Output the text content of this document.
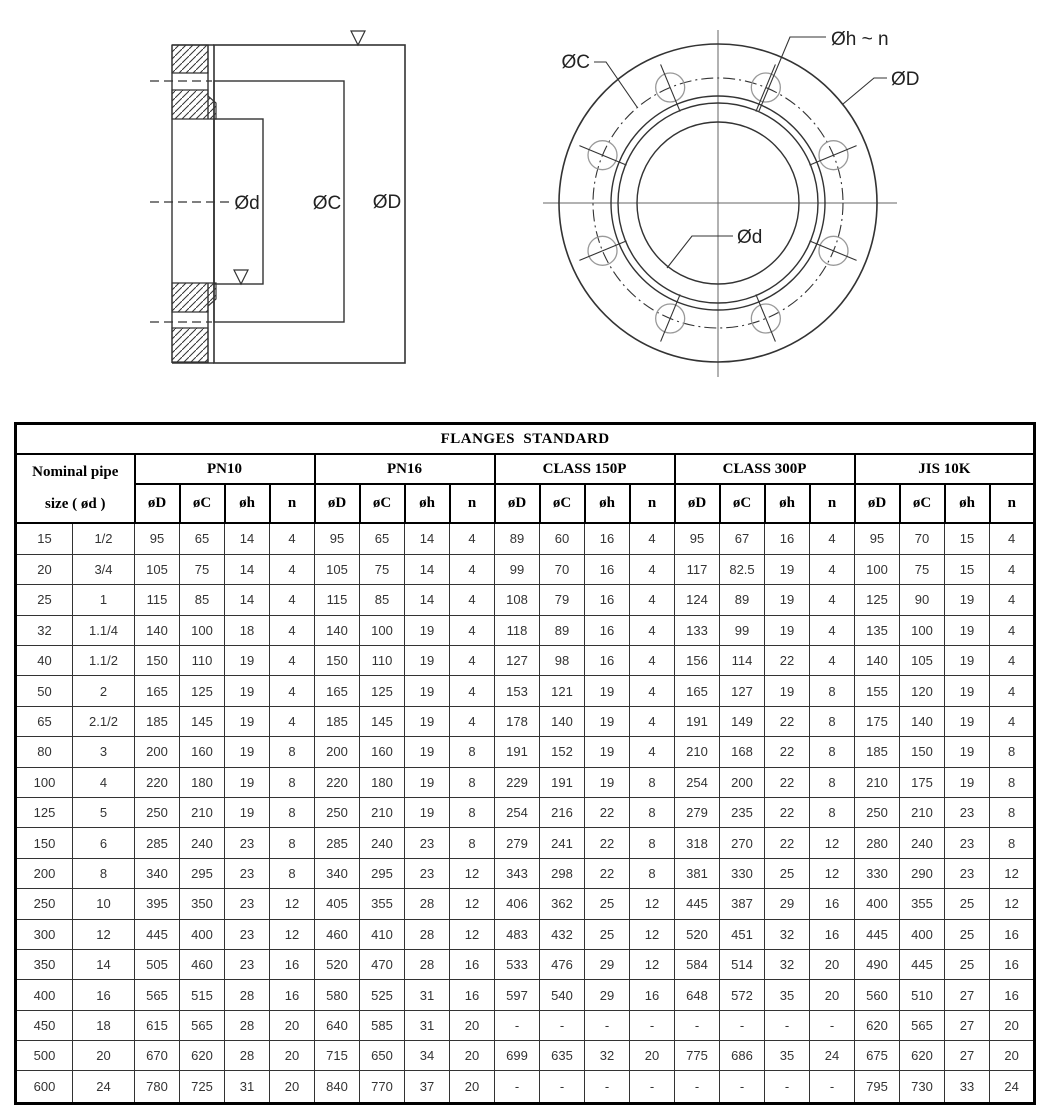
Ød	ØC ØD
ØC
Øh ~ n
ØD
Ød
FLANGES  STANDARD																					

Nominal pipe
size ( ød )		PN10				PN16				CLASS 150P				CLASS 300P				JIS 10K			
		øD	øC	øh	n	øD	øC	øh	n	øD	øC	øh	n	øD	øC	øh	n	øD	øC	øh	n
15	1/2	95	65	14	4	95	65	14	4	89	60	16	4	95	67	16	4	95	70	15	4
20	3/4	105	75	14	4	105	75	14	4	99	70	16	4	117	82.5	19	4	100	75	15	4
25	1	115	85	14	4	115	85	14	4	108	79	16	4	124	89	19	4	125	90	19	4
32	1.1/4	140	100	18	4	140	100	19	4	118	89	16	4	133	99	19	4	135	100	19	4
40	1.1/2	150	110	19	4	150	110	19	4	127	98	16	4	156	114	22	4	140	105	19	4
50	2	165	125	19	4	165	125	19	4	153	121	19	4	165	127	19	8	155	120	19	4
65	2.1/2	185	145	19	4	185	145	19	4	178	140	19	4	191	149	22	8	175	140	19	4
80	3	200	160	19	8	200	160	19	8	191	152	19	4	210	168	22	8	185	150	19	8
100	4	220	180	19	8	220	180	19	8	229	191	19	8	254	200	22	8	210	175	19	8
125	5	250	210	19	8	250	210	19	8	254	216	22	8	279	235	22	8	250	210	23	8
150	6	285	240	23	8	285	240	23	8	279	241	22	8	318	270	22	12	280	240	23	8
200	8	340	295	23	8	340	295	23	12	343	298	22	8	381	330	25	12	330	290	23	12
250	10	395	350	23	12	405	355	28	12	406	362	25	12	445	387	29	16	400	355	25	12
300	12	445	400	23	12	460	410	28	12	483	432	25	12	520	451	32	16	445	400	25	16
350	14	505	460	23	16	520	470	28	16	533	476	29	12	584	514	32	20	490	445	25	16
400	16	565	515	28	16	580	525	31	16	597	540	29	16	648	572	35	20	560	510	27	16
450	18	615	565	28	20	640	585	31	20	-	-	-	-	-	-	-	-	620	565	27	20
500	20	670	620	28	20	715	650	34	20	699	635	32	20	775	686	35	24	675	620	27	20
600	24	780	725	31	20	840	770	37	20	-	-	-	-	-	-	-	-	795	730	33	24
